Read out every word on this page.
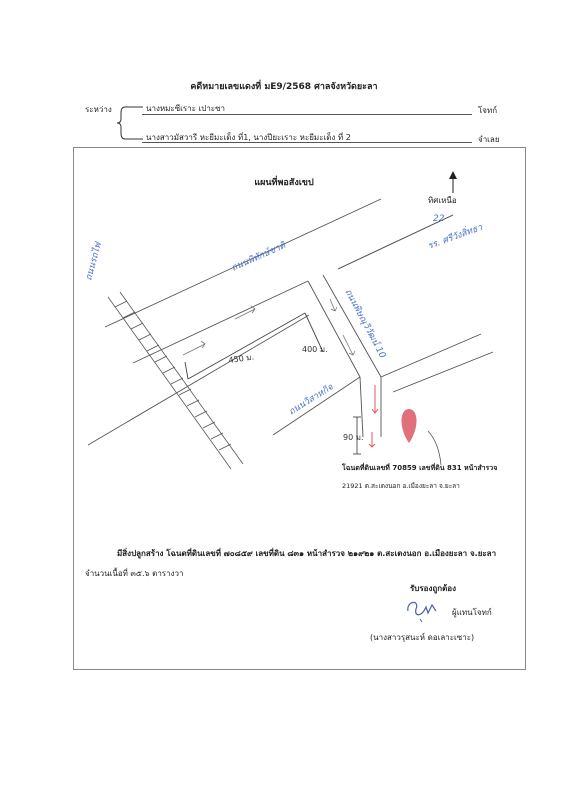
คดีหมายเลขแดงที่ มE9/2568 ศาลจังหวัดยะลา
ระหว่าง	นางหมะซีเราะ เปาะซา	โจทก์
นางสาวมัสวารี หะยีมะเด็ง ที่1, นางปียะเราะ หะยีมะเด็ง ที่ 2	จำเลย
แผนที่พอสังเขป
ทิศเหนือ
ถนนรถไฟ	ถนนพิทักษ์ชาติ
22
รร. ศรีวังสิ่ทธา
ถนนพิษณุวิวัฒน์ 10
ถนนวิสาหกิจ
450 ม.
400 ม.
90 ม.
โฉนดที่ดินเลขที่ 70859 เลขที่ดิน 831 หน้าสำรวจ
21921 ต.สะเตงนอก อ.เมืองยะลา จ.ยะลา
มีสิ่งปลูกสร้าง โฉนดที่ดินเลขที่ ๗๐๘๕๙ เลขที่ดิน ๘๓๑ หน้าสำรวจ ๒๑๙๒๑ ต.สะเตงนอก อ.เมืองยะลา จ.ยะลา
จำนวนเนื้อที่ ๓๕.๖ ตารางวา
รับรองถูกต้อง
ผู้แทนโจทก์
(นางสาวรุสนะห์ ดอเลาะเซาะ)
